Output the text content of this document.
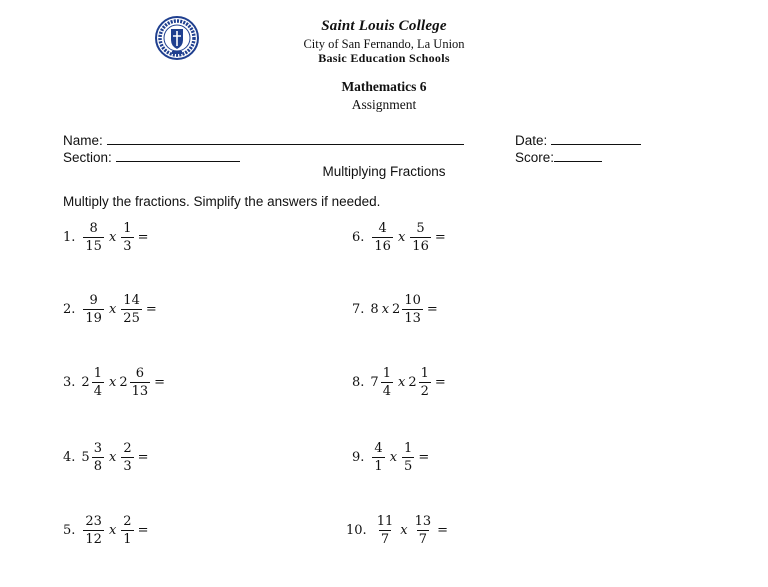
Saint Louis College
City of San Fernando, La Union
Basic Education Schools
Mathematics 6
Assignment
Name:
Section:
Date:
Score:
Multiplying Fractions
Multiply the fractions. Simplify the answers if needed.
1. $\frac{8}{15}$ x $\frac{1}{3}$ =
2. $\frac{9}{19}$ x $\frac{14}{25}$ =
3. $2 \frac{1}{4}$ x $2 \frac{6}{13}$ =
4. $5 \frac{3}{8}$ x $\frac{2}{3}$ =
5. $\frac{23}{12}$ x $\frac{2}{1}$ =
6. $\frac{4}{16}$ x $\frac{5}{16}$ =
7. 8 x $2 \frac{10}{13}$ =
8. $7 \frac{1}{4}$ x $2 \frac{1}{2}$ =
9. $\frac{4}{1}$ x $\frac{1}{5}$ =
10. $\frac{11}{7}$ x $\frac{13}{7}$ =
